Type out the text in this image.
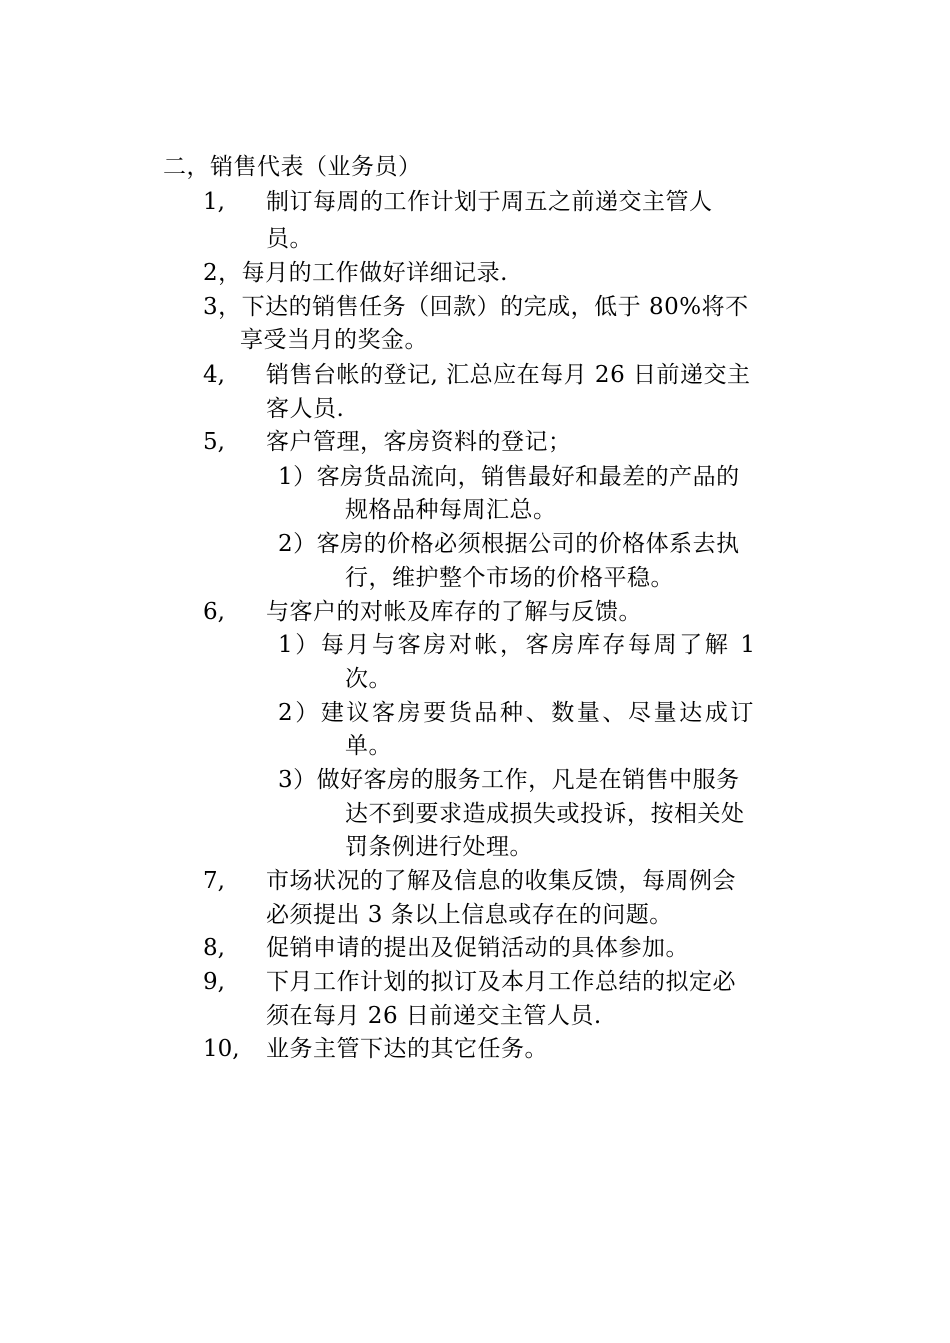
二，销售代表（业务员）
1, 制订每周的工作计划于周五之前递交主管人
员。
2，每月的工作做好详细记录.
3，下达的销售任务（回款）的完成，低于 80%将不
享受当月的奖金。
4, 销售台帐的登记, 汇总应在每月 26 日前递交主
客人员.
5, 客户管理，客房资料的登记；
1）客房货品流向，销售最好和最差的产品的
规格品种每周汇总。
2）客房的价格必须根据公司的价格体系去执
行，维护整个市场的价格平稳。
6, 与客户的对帐及库存的了解与反馈。
1）每月与客房对帐，客房库存每周了解 1
次。
2）建议客房要货品种、数量、尽量达成订
单。
3）做好客房的服务工作，凡是在销售中服务
达不到要求造成损失或投诉，按相关处
罚条例进行处理。
7, 市场状况的了解及信息的收集反馈，每周例会
必须提出 3 条以上信息或存在的问题。
8, 促销申请的提出及促销活动的具体参加。
9, 下月工作计划的拟订及本月工作总结的拟定必
须在每月 26 日前递交主管人员.
10, 业务主管下达的其它任务。
